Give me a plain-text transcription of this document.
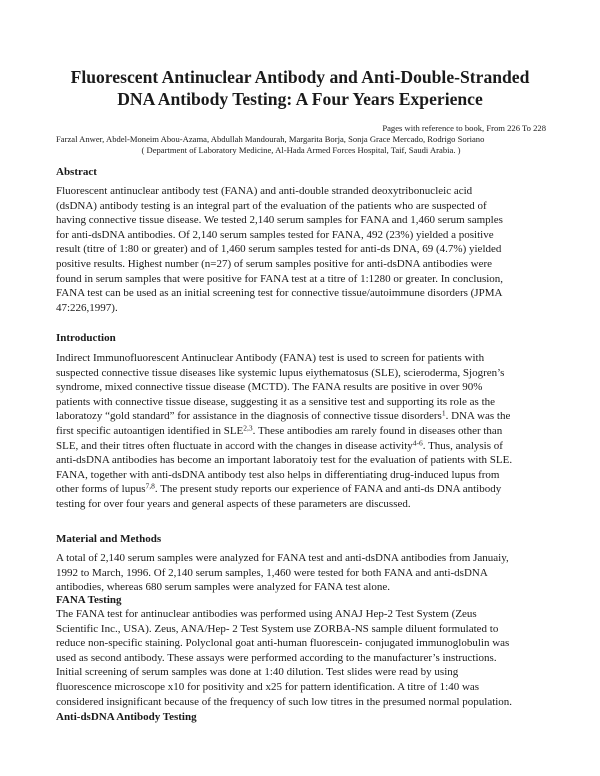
Fluorescent Antinuclear Antibody and Anti-Double-Stranded
DNA Antibody Testing: A Four Years Experience
Pages with reference to book, From 226 To 228
Farzal Anwer, Abdel-Moneim Abou-Azama, Abdullah Mandourah, Margarita Borja, Sonja Grace Mercado, Rodrigo Soriano
( Department of Laboratory Medicine, Al-Hada Armed Forces Hospital, Taif, Saudi Arabia. )
Abstract
Fluorescent antinuclear antibody test (FANA) and anti-double stranded deoxytribonucleic acid
(dsDNA) antibody testing is an integral part of the evaluation of the patients who are suspected of
having connective tissue disease. We tested 2,140 serum samples for FANA and 1,460 serum samples
for anti-dsDNA antibodies. Of 2,140 serum samples tested for FANA, 492 (23%) yielded a positive
result (titre of 1:80 or greater) and of 1,460 serum samples tested for anti-ds DNA, 69 (4.7%) yielded
positive results. Highest number (n=27) of serum samples positive for anti-dsDNA antibodies were
found in serum samples that were positive for FANA test at a titre of 1:1280 or greater. In conclusion,
FANA test can be used as an initial screening test for connective tissue/autoimmune disorders (JPMA
47:226,1997).
Introduction
Indirect Immunofluorescent Antinuclear Antibody (FANA) test is used to screen for patients with
suspected connective tissue diseases like systemic lupus eiythematosus (SLE), scieroderma, Sjogren’s
syndrome, mixed connective tissue disease (MCTD). The FANA results are positive in over 90%
patients with connective tissue disease, suggesting it as a sensitive test and supporting its role as the
laboratozy “gold standard” for assistance in the diagnosis of connective tissue disorders$^1$. DNA was the
first specific autoantigen identified in SLE$^{2,3}$. These antibodies am rarely found in diseases other than
SLE, and their titres often fluctuate in accord with the changes in disease activity$^{4-6}$. Thus, analysis of
anti-dsDNA antibodies has become an important laboratoiy test for the evaluation of patients with SLE.
FANA, together with anti-dsDNA antibody test also helps in differentiating drug-induced lupus from
other forms of lupus$^{7,8}$. The present study reports our experience of FANA and anti-ds DNA antibody
testing for over four years and general aspects of these parameters are discussed.
Material and Methods
A total of 2,140 serum samples were analyzed for FANA test and anti-dsDNA antibodies from Januaiy,
1992 to March, 1996. Of 2,140 serum samples, 1,460 were tested for both FANA and anti-dsDNA
antibodies, whereas 680 serum samples were analyzed for FANA test alone.
FANA Testing
The FANA test for antinuclear antibodies was performed using ANAJ Hep-2 Test System (Zeus
Scientific Inc., USA). Zeus, ANA/Hep- 2 Test System use ZORBA-NS sample diluent formulated to
reduce non-specific staining. Polyclonal goat anti-human fluorescein- conjugated immunoglobulin was
used as second antibody. These assays were performed according to the manufacturer’s instructions.
Initial screening of serum samples was done at 1:40 dilution. Test slides were read by using
fluorescence microscope x10 for positivity and x25 for pattern identification. A titre of 1:40 was
considered insignificant because of the frequency of such low titres in the presumed normal population.
Anti-dsDNA Antibody Testing
